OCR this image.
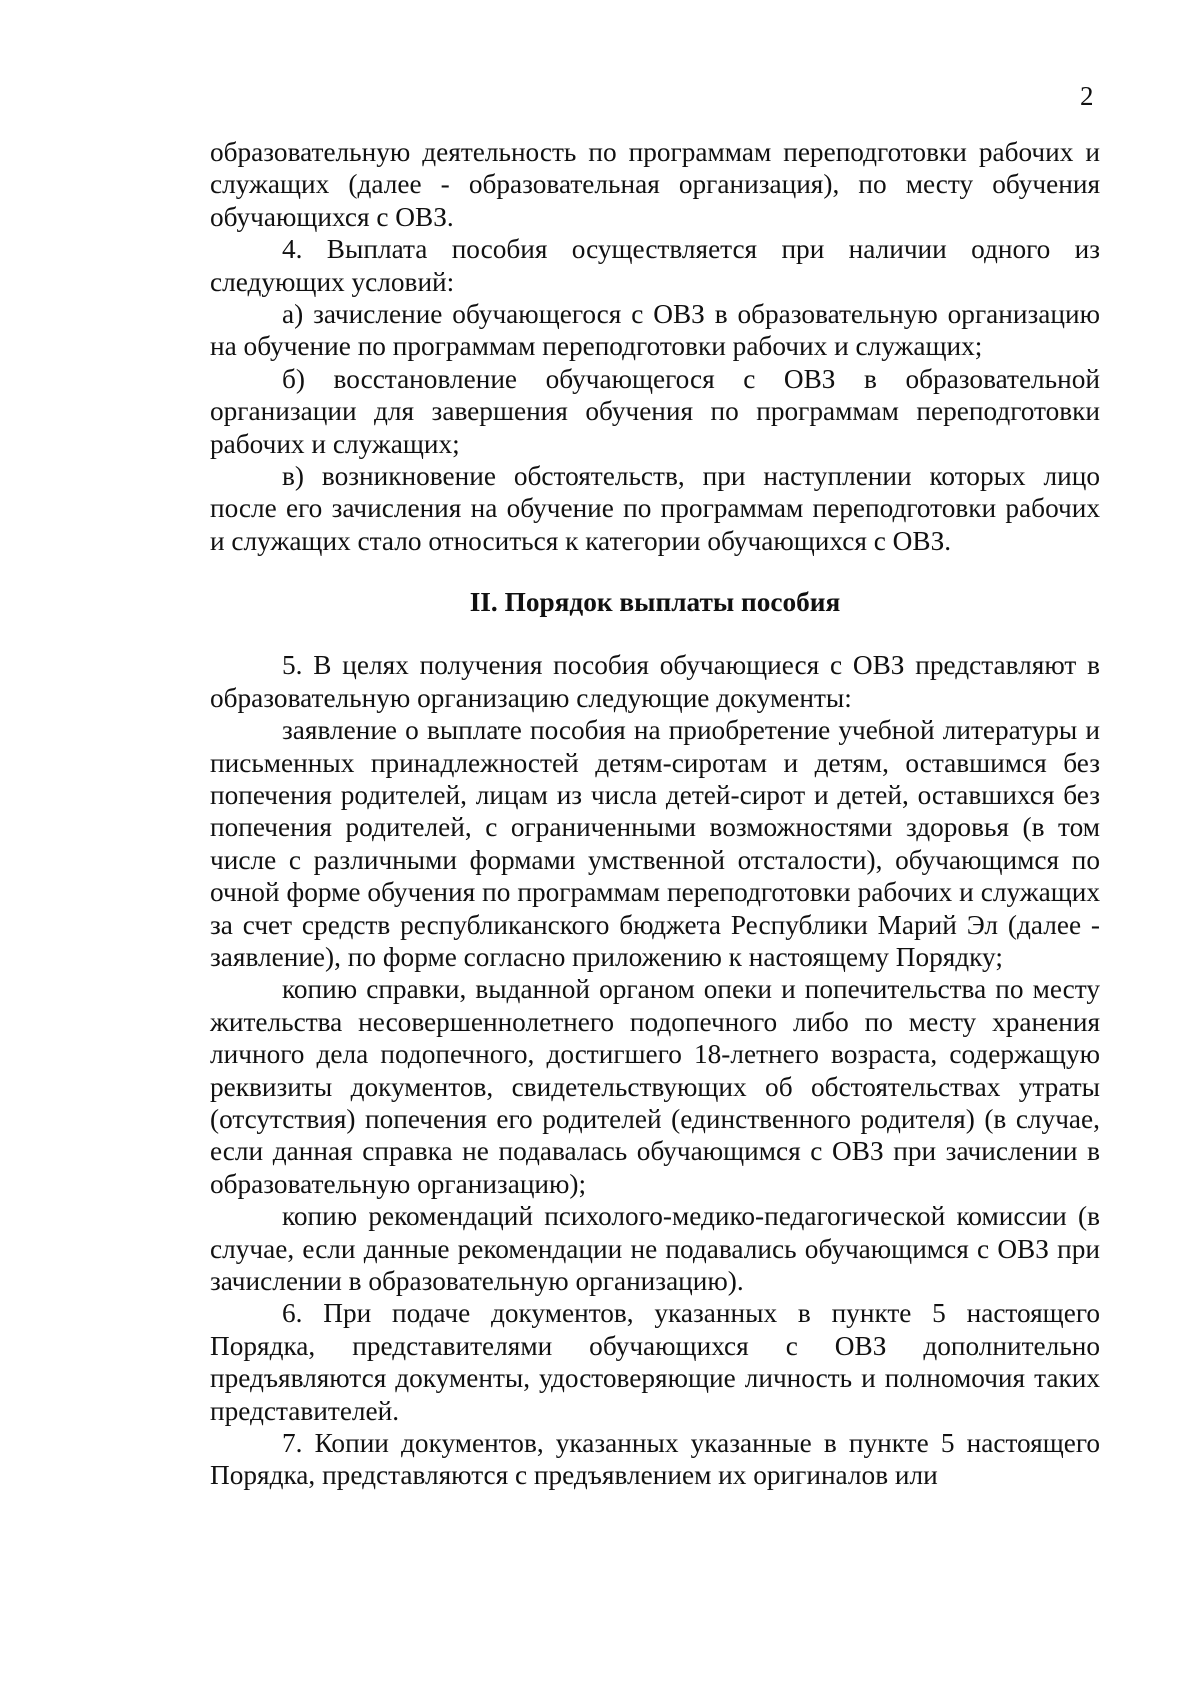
2

образовательную деятельность по программам переподготовки рабочих и служащих (далее - образовательная организация), по месту обучения обучающихся с ОВЗ.

4. Выплата пособия осуществляется при наличии одного из следующих условий:

а) зачисление обучающегося с ОВЗ в образовательную организацию на обучение по программам переподготовки рабочих и служащих;

б) восстановление обучающегося с ОВЗ в образовательной организации для завершения обучения по программам переподготовки рабочих и служащих;

в) возникновение обстоятельств, при наступлении которых лицо после его зачисления на обучение по программам переподготовки рабочих и служащих стало относиться к категории обучающихся с ОВЗ.

II. Порядок выплаты пособия

5. В целях получения пособия обучающиеся с ОВЗ представляют в образовательную организацию следующие документы:

заявление о выплате пособия на приобретение учебной литературы и письменных принадлежностей детям-сиротам и детям, оставшимся без попечения родителей, лицам из числа детей-сирот и детей, оставшихся без попечения родителей, с ограниченными возможностями здоровья (в том числе с различными формами умственной отсталости), обучающимся по очной форме обучения по программам переподготовки рабочих и служащих за счет средств республиканского бюджета Республики Марий Эл (далее - заявление), по форме согласно приложению к настоящему Порядку;

копию справки, выданной органом опеки и попечительства по месту жительства несовершеннолетнего подопечного либо по месту хранения личного дела подопечного, достигшего 18-летнего возраста, содержащую реквизиты документов, свидетельствующих об обстоятельствах утраты (отсутствия) попечения его родителей (единственного родителя) (в случае, если данная справка не подавалась обучающимся с ОВЗ при зачислении в образовательную организацию);

копию рекомендаций психолого-медико-педагогической комиссии (в случае, если данные рекомендации не подавались обучающимся с ОВЗ при зачислении в образовательную организацию).

6. При подаче документов, указанных в пункте 5 настоящего Порядка, представителями обучающихся с ОВЗ дополнительно предъявляются документы, удостоверяющие личность и полномочия таких представителей.

7. Копии документов, указанных указанные в пункте 5 настоящего Порядка, представляются с предъявлением их оригиналов или
